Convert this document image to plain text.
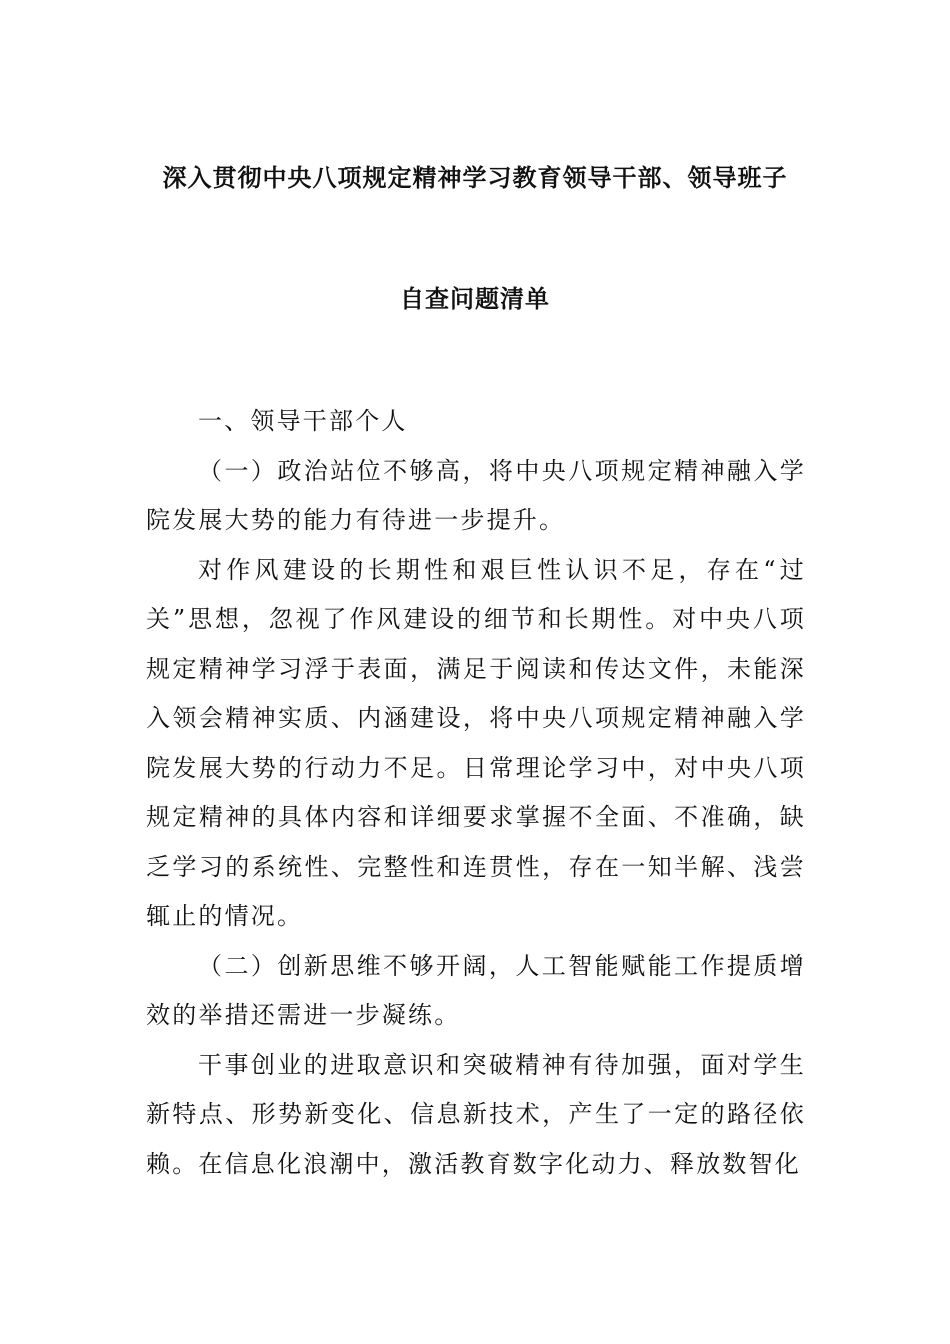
深入贯彻中央八项规定精神学习教育领导干部、领导班子
自查问题清单

一、领导干部个人

（一）政治站位不够高，将中央八项规定精神融入学院发展大势的能力有待进一步提升。

对作风建设的长期性和艰巨性认识不足，存在“过关”思想，忽视了作风建设的细节和长期性。对中央八项规定精神学习浮于表面，满足于阅读和传达文件，未能深入领会精神实质、内涵建设，将中央八项规定精神融入学院发展大势的行动力不足。日常理论学习中，对中央八项规定精神的具体内容和详细要求掌握不全面、不准确，缺乏学习的系统性、完整性和连贯性，存在一知半解、浅尝辄止的情况。

（二）创新思维不够开阔，人工智能赋能工作提质增效的举措还需进一步凝练。

干事创业的进取意识和突破精神有待加强，面对学生新特点、形势新变化、信息新技术，产生了一定的路径依赖。在信息化浪潮中，激活教育数字化动力、释放数智化
